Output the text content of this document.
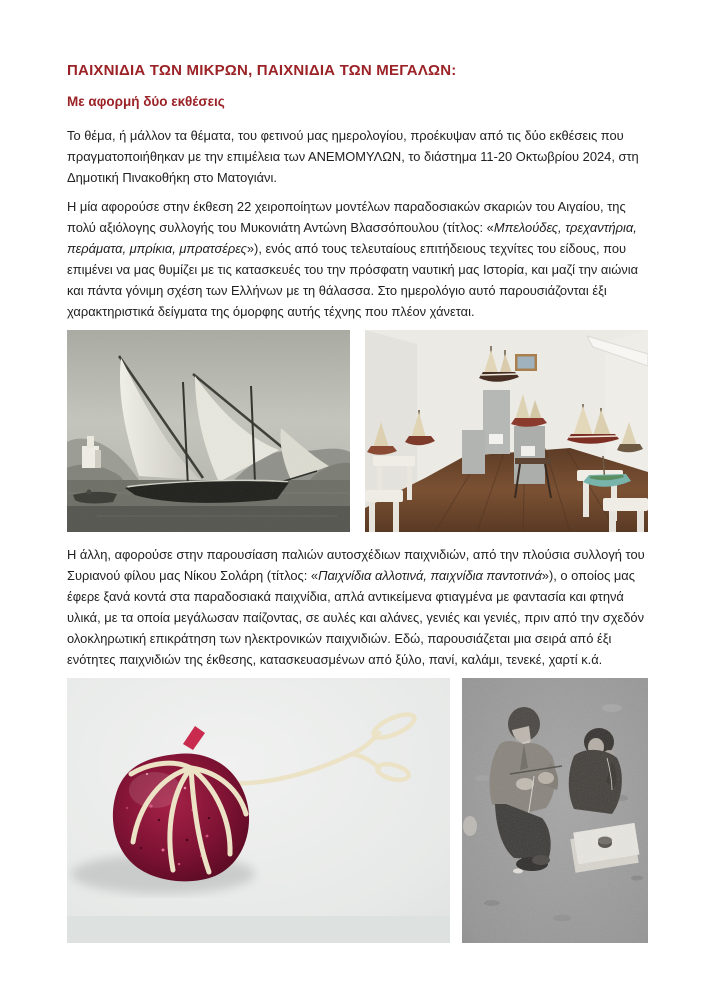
ΠΑΙΧΝΙΔΙΑ ΤΩΝ ΜΙΚΡΩΝ, ΠΑΙΧΝΙΔΙΑ ΤΩΝ ΜΕΓΑΛΩΝ:
Με αφορμή δύο εκθέσεις

Το θέμα, ή μάλλον τα θέματα, του φετινού μας ημερολογίου, προέκυψαν από τις δύο εκθέσεις που πραγματοποιήθηκαν με την επιμέλεια των ΑΝΕΜΟΜΥΛΩΝ, το διάστημα 11-20 Οκτωβρίου 2024, στη Δημοτική Πινακοθήκη στο Ματογιάνι.

Η μία αφορούσε στην έκθεση 22 χειροποίητων μοντέλων παραδοσιακών σκαριών του Αιγαίου, της πολύ αξιόλογης συλλογής του Μυκονιάτη Αντώνη Βλασσόπουλου (τίτλος: «Μπελούδες, τρεχαντήρια, περάματα, μπρίκια, μπρατσέρες»), ενός από τους τελευταίους επιτήδειους τεχνίτες του είδους, που επιμένει να μας θυμίζει με τις κατασκευές του την πρόσφατη ναυτική μας Ιστορία, και μαζί την αιώνια και πάντα γόνιμη σχέση των Ελλήνων με τη θάλασσα. Στο ημερολόγιο αυτό παρουσιάζονται έξι χαρακτηριστικά δείγματα της όμορφης αυτής τέχνης που πλέον χάνεται.

Η άλλη, αφορούσε στην παρουσίαση παλιών αυτοσχέδιων παιχνιδιών, από την πλούσια συλλογή του Συριανού φίλου μας Νίκου Σολάρη (τίτλος: «Παιχνίδια αλλοτινά, παιχνίδια παντοτινά»), ο οποίος μας έφερε ξανά κοντά στα παραδοσιακά παιχνίδια, απλά αντικείμενα φτιαγμένα με φαντασία και φτηνά υλικά, με τα οποία μεγάλωσαν παίζοντας, σε αυλές και αλάνες, γενιές και γενιές, πριν από την σχεδόν ολοκληρωτική επικράτηση των ηλεκτρονικών παιχνιδιών. Εδώ, παρουσιάζεται μια σειρά από έξι ενότητες παιχνιδιών της έκθεσης, κατασκευασμένων από ξύλο, πανί, καλάμι, τενεκέ, χαρτί κ.ά.
